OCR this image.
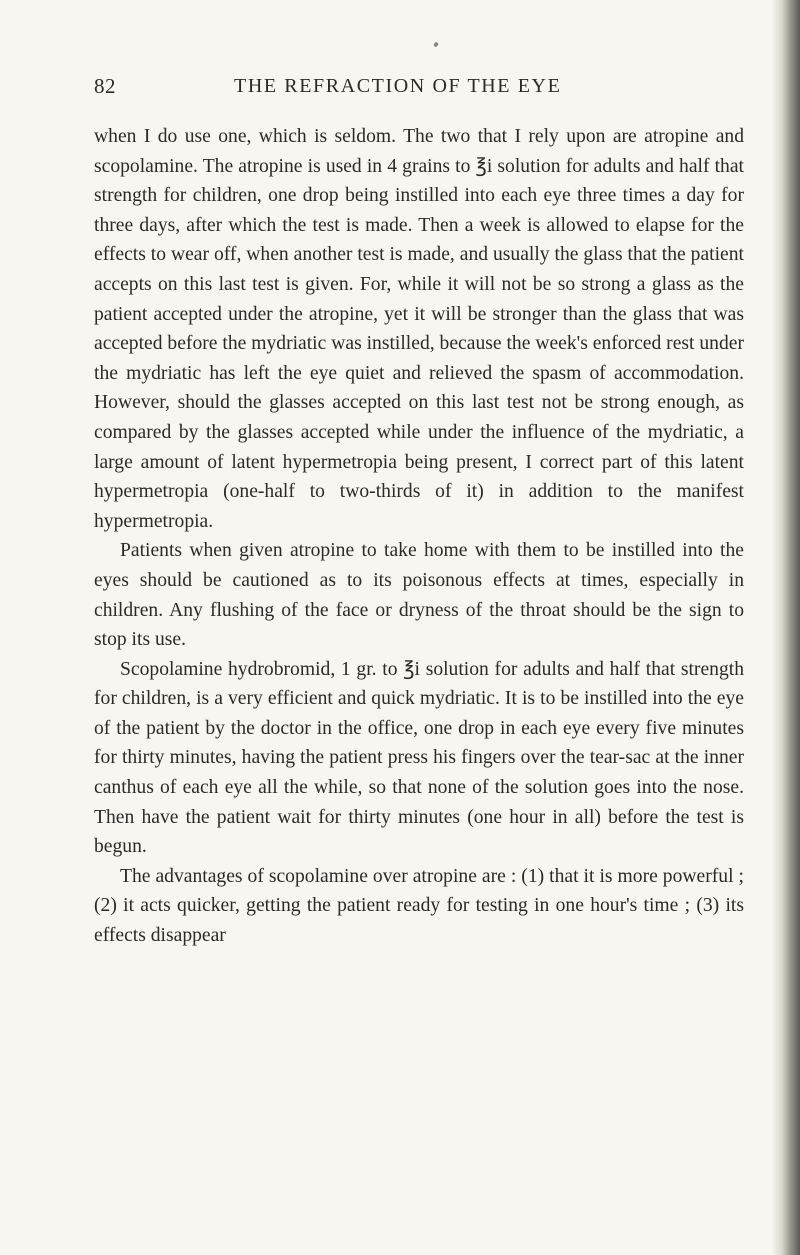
82	THE REFRACTION OF THE EYE

when I do use one, which is seldom. The two that I rely upon are atropine and scopolamine. The atropine is used in 4 grains to ℥i solution for adults and half that strength for children, one drop being instilled into each eye three times a day for three days, after which the test is made. Then a week is allowed to elapse for the effects to wear off, when another test is made, and usually the glass that the patient accepts on this last test is given. For, while it will not be so strong a glass as the patient accepted under the atropine, yet it will be stronger than the glass that was accepted before the mydriatic was instilled, because the week's enforced rest under the mydriatic has left the eye quiet and relieved the spasm of accommodation. However, should the glasses accepted on this last test not be strong enough, as compared by the glasses accepted while under the influence of the mydriatic, a large amount of latent hypermetropia being present, I correct part of this latent hypermetropia (one-half to two-thirds of it) in addition to the manifest hypermetropia.

Patients when given atropine to take home with them to be instilled into the eyes should be cautioned as to its poisonous effects at times, especially in children. Any flushing of the face or dryness of the throat should be the sign to stop its use.

Scopolamine hydrobromid, 1 gr. to ℥i solution for adults and half that strength for children, is a very efficient and quick mydriatic. It is to be instilled into the eye of the patient by the doctor in the office, one drop in each eye every five minutes for thirty minutes, having the patient press his fingers over the tear-sac at the inner canthus of each eye all the while, so that none of the solution goes into the nose. Then have the patient wait for thirty minutes (one hour in all) before the test is begun.

The advantages of scopolamine over atropine are : (1) that it is more powerful ; (2) it acts quicker, getting the patient ready for testing in one hour's time ; (3) its effects disappear
